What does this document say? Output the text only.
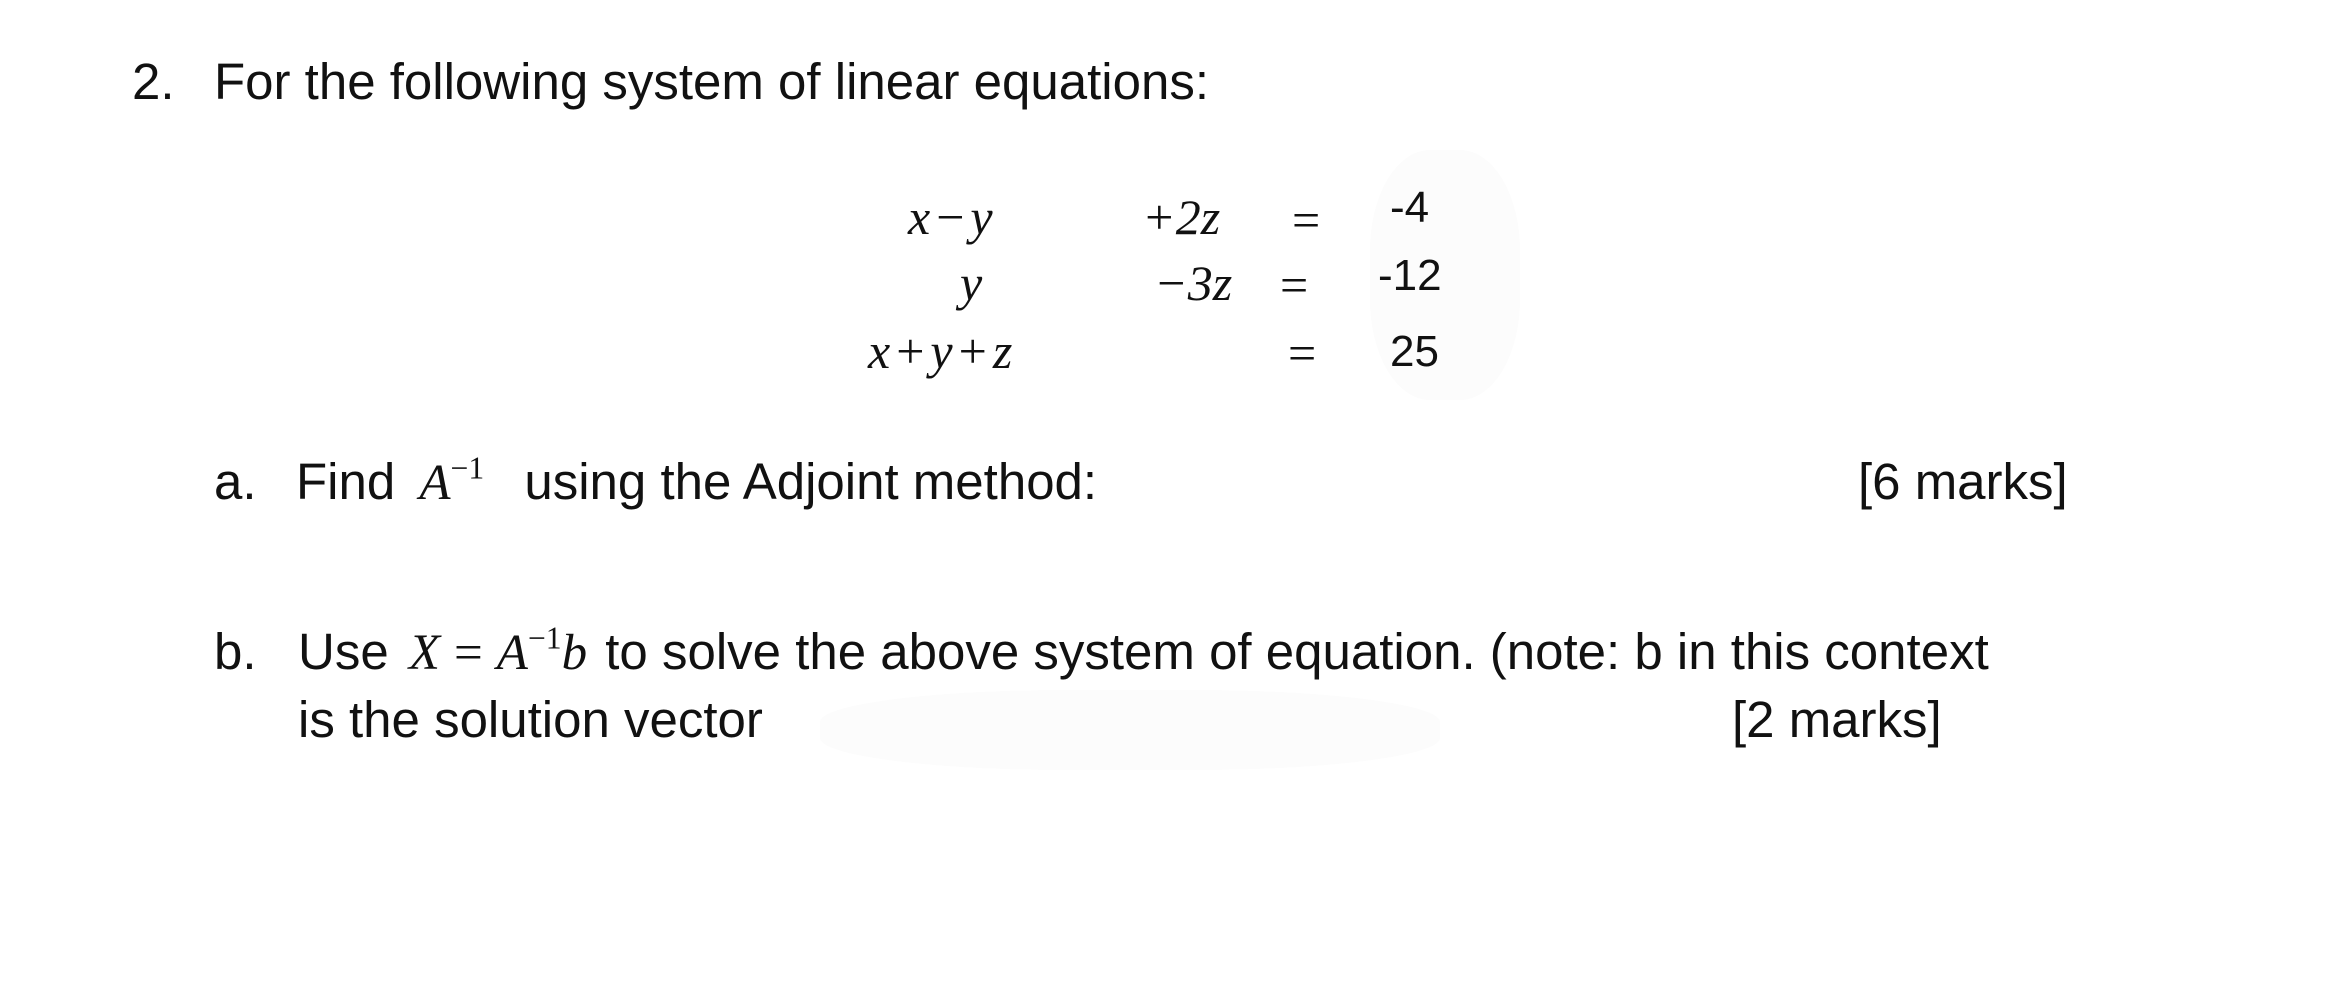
2. For the following system of linear equations:
x − y	+2z = -4
y	−3z = -12
x + y + z	= 25
a. Find $A^{-1}$ using the Adjoint method:	[6 marks]
b. Use $X = A^{-1}b$ to solve the above system of equation. (note: b in this context
is the solution vector	[2 marks]
